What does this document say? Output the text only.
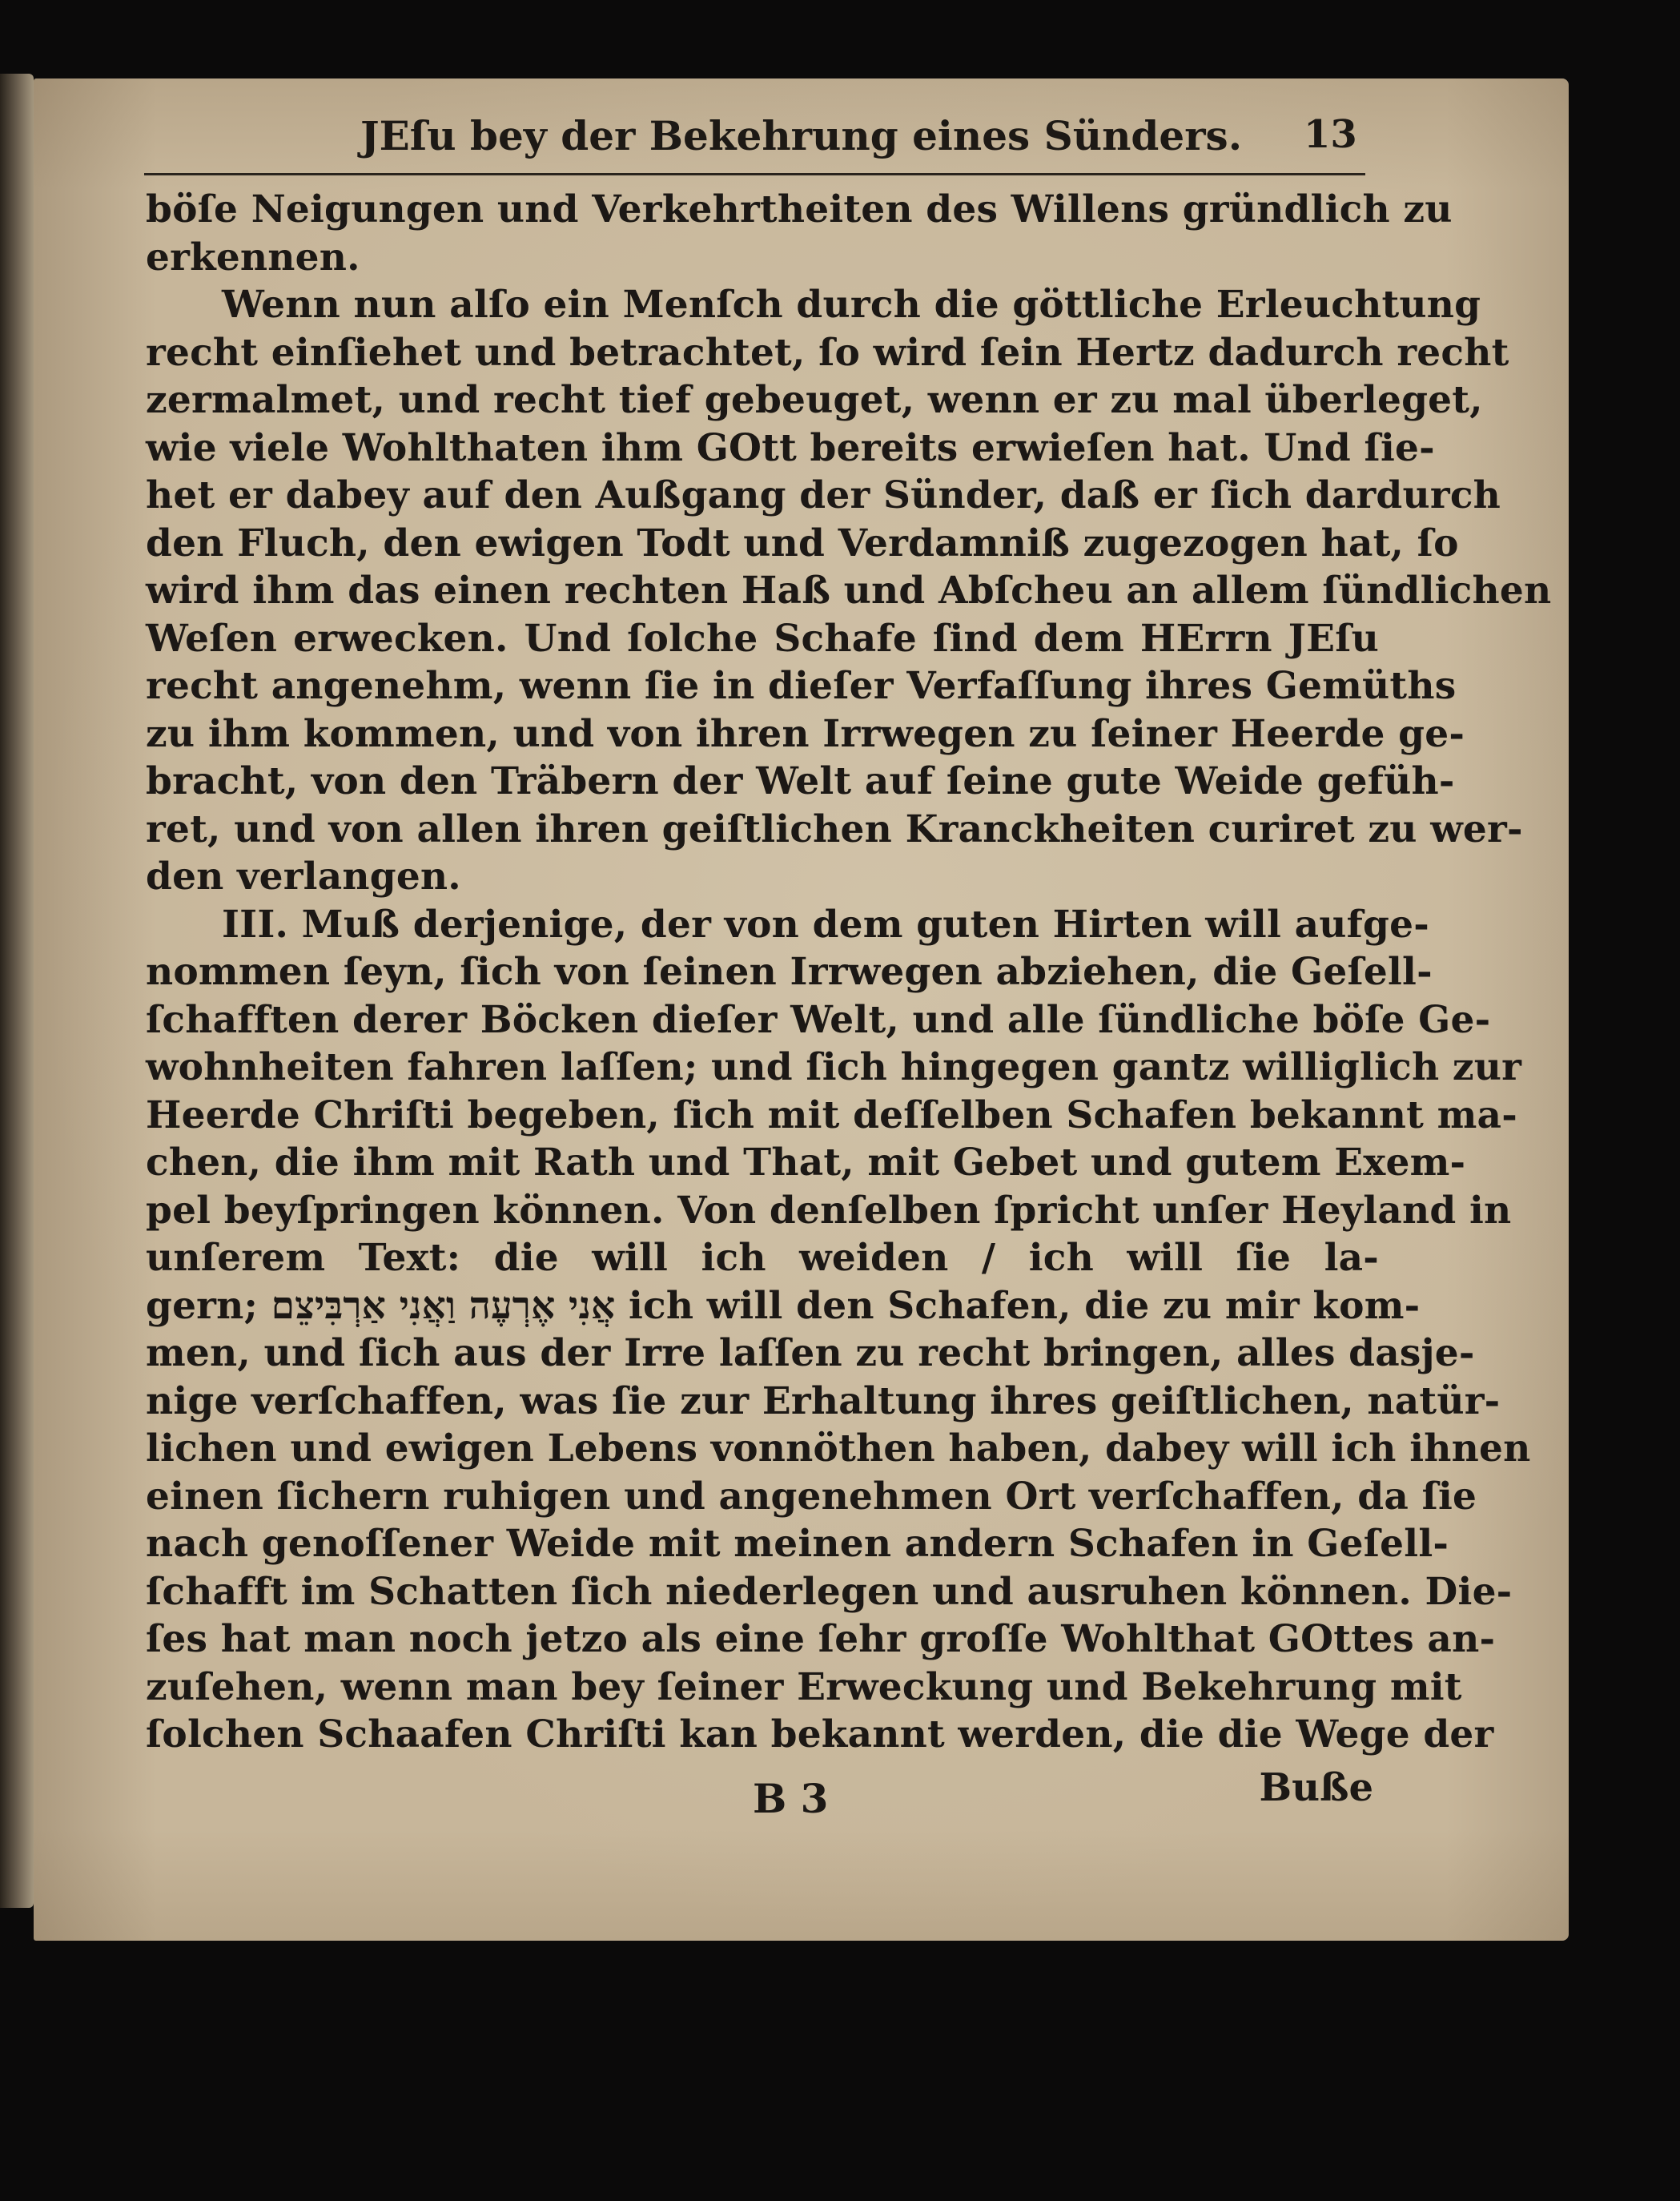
JEſu bey der Bekehrung eines Sünders.	13
böſe Neigungen und Verkehrtheiten des Willens gründlich zu
erkennen.
Wenn nun alſo ein Menſch durch die göttliche Erleuchtung
recht einſiehet und betrachtet, ſo wird ſein Hertz dadurch recht
zermalmet, und recht tief gebeuget, wenn er zu mal überleget,
wie viele Wohlthaten ihm GOtt bereits erwieſen hat. Und ſie-
het er dabey auf den Außgang der Sünder, daß er ſich dardurch
den Fluch, den ewigen Todt und Verdamniß zugezogen hat, ſo
wird ihm das einen rechten Haß und Abſcheu an allem ſündlichen
Weſen erwecken. Und ſolche Schafe ſind dem HErrn JEſu
recht angenehm, wenn ſie in dieſer Verfaſſung ihres Gemüths
zu ihm kommen, und von ihren Irrwegen zu ſeiner Heerde ge-
bracht, von den Träbern der Welt auf ſeine gute Weide gefüh-
ret, und von allen ihren geiſtlichen Kranckheiten curiret zu wer-
den verlangen.
III. Muß derjenige, der von dem guten Hirten will aufge-
nommen ſeyn, ſich von ſeinen Irrwegen abziehen, die Geſell-
ſchafften derer Böcken dieſer Welt, und alle ſündliche böſe Ge-
wohnheiten fahren laſſen; und ſich hingegen gantz williglich zur
Heerde Chriſti begeben, ſich mit deſſelben Schafen bekannt ma-
chen, die ihm mit Rath und That, mit Gebet und gutem Exem-
pel beyſpringen können. Von denſelben ſpricht unſer Heyland in
unſerem Text: die will ich weiden / ich will ſie la-
gern; אֲנִי אֶרְעֶה וַאֲנִי אַרְבִּיצֵם ich will den Schafen, die zu mir kom-
men, und ſich aus der Irre laſſen zu recht bringen, alles dasje-
nige verſchaffen, was ſie zur Erhaltung ihres geiſtlichen, natür-
lichen und ewigen Lebens vonnöthen haben, dabey will ich ihnen
einen ſichern ruhigen und angenehmen Ort verſchaffen, da ſie
nach genoſſener Weide mit meinen andern Schafen in Geſell-
ſchafft im Schatten ſich niederlegen und ausruhen können. Die-
ſes hat man noch jetzo als eine ſehr groſſe Wohlthat GOttes an-
zuſehen, wenn man bey ſeiner Erweckung und Bekehrung mit
ſolchen Schaafen Chriſti kan bekannt werden, die die Wege der
B 3	Buße
